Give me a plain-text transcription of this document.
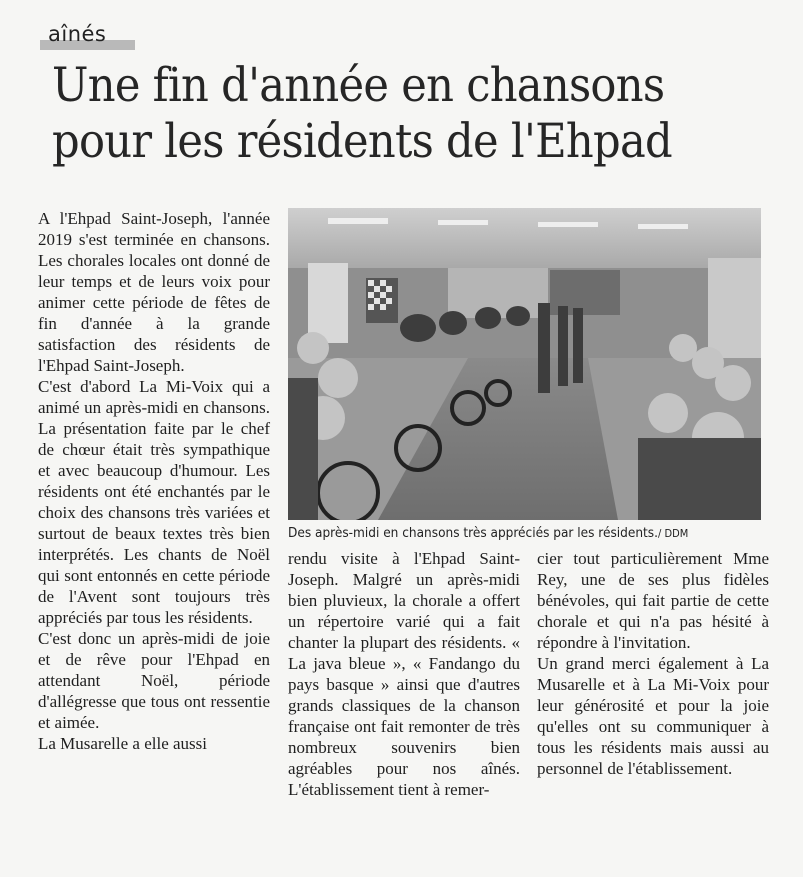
aînés
Une fin d'année en chansons pour les résidents de l'Ehpad

A l'Ehpad Saint-Joseph, l'année 2019 s'est terminée en chansons. Les chorales locales ont donné de leur temps et de leurs voix pour animer cette période de fêtes de fin d'année à la grande satisfaction des résidents de l'Ehpad Saint-Joseph.

C'est d'abord La Mi-Voix qui a animé un après-midi en chansons. La présentation faite par le chef de chœur était très sympathique et avec beaucoup d'humour. Les résidents ont été enchantés par le choix des chansons très variées et surtout de beaux textes très bien interprétés. Les chants de Noël qui sont entonnés en cette période de l'Avent sont toujours très appréciés par tous les résidents.

C'est donc un après-midi de joie et de rêve pour l'Ehpad en attendant Noël, période d'allégresse que tous ont ressentie et aimée.

La Musarelle a elle aussi

Des après-midi en chansons très appréciés par les résidents./ DDM

rendu visite à l'Ehpad Saint-Joseph. Malgré un après-midi bien pluvieux, la chorale a offert un répertoire varié qui a fait chanter la plupart des résidents. « La java bleue », « Fandango du pays basque » ainsi que d'autres grands classiques de la chanson française ont fait remonter de très nombreux souvenirs bien agréables pour nos aînés. L'établissement tient à remer-

cier tout particulièrement Mme Rey, une de ses plus fidèles bénévoles, qui fait partie de cette chorale et qui n'a pas hésité à répondre à l'invitation.

Un grand merci également à La Musarelle et à La Mi-Voix pour leur générosité et pour la joie qu'elles ont su communiquer à tous les résidents mais aussi au personnel de l'établissement.
